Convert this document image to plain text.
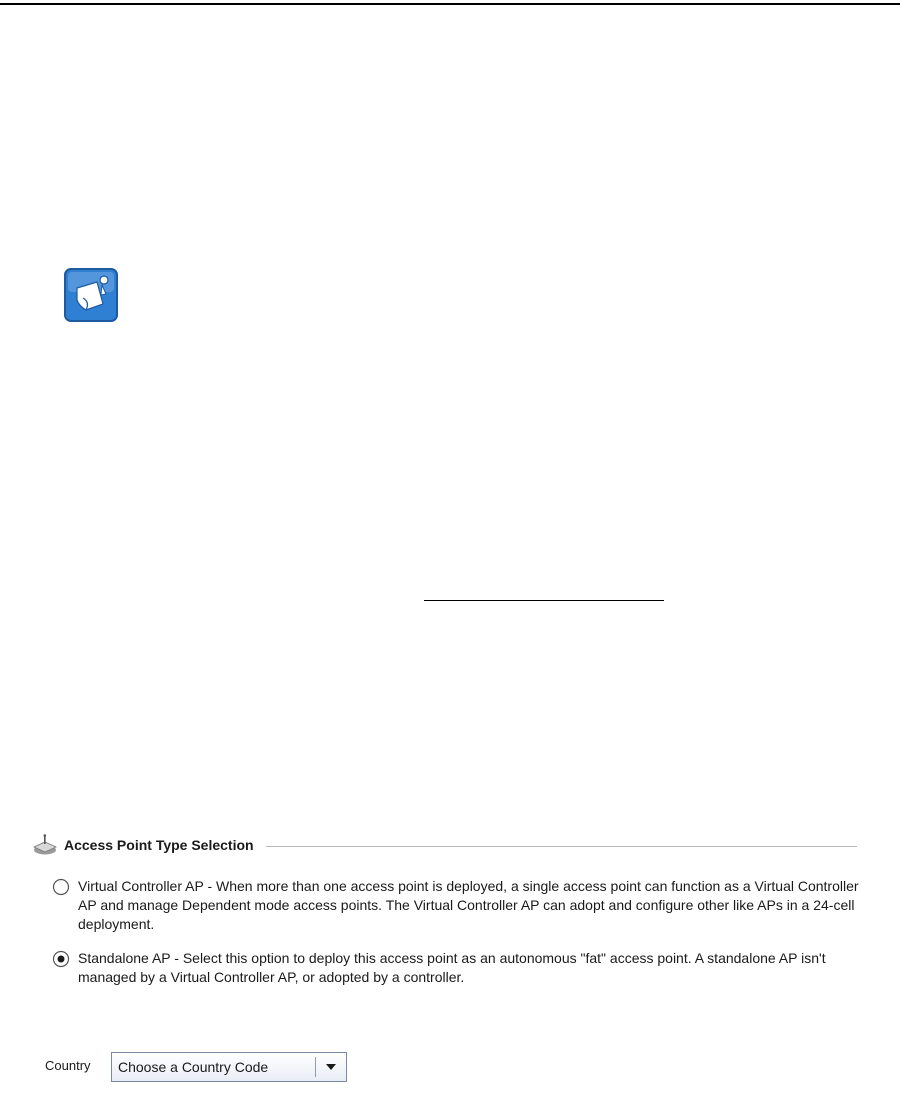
Access Point Type Selection
Virtual Controller AP - When more than one access point is deployed, a single access point can function as a Virtual Controller AP and manage Dependent mode access points. The Virtual Controller AP can adopt and configure other like APs in a 24-cell deployment.
Standalone AP - Select this option to deploy this access point as an autonomous "fat" access point. A standalone AP isn't managed by a Virtual Controller AP, or adopted by a controller.
Country	Choose a Country Code
